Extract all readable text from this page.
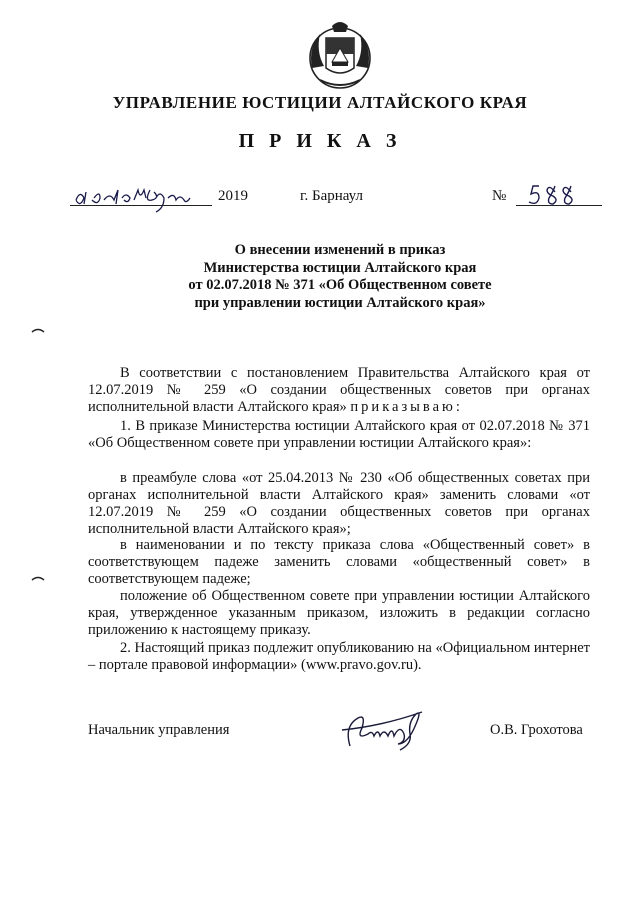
УПРАВЛЕНИЕ ЮСТИЦИИ АЛТАЙСКОГО КРАЯ
П Р И К А З
2019	г. Барнаул	№
О внесении изменений в приказ
Министерства юстиции Алтайского края
от 02.07.2018 № 371 «Об Общественном совете
при управлении юстиции Алтайского края»

В соответствии с постановлением Правительства Алтайского края от 12.07.2019 № 259 «О создании общественных советов при органах исполнительной власти Алтайского края» приказываю:

1. В приказе Министерства юстиции Алтайского края от 02.07.2018 № 371 «Об Общественном совете при управлении юстиции Алтайского края»:

в преамбуле слова «от 25.04.2013 № 230 «Об общественных советах при органах исполнительной власти Алтайского края» заменить словами «от 12.07.2019 № 259 «О создании общественных советов при органах исполнительной власти Алтайского края»;

в наименовании и по тексту приказа слова «Общественный совет» в соответствующем падеже заменить словами «общественный совет» в соответствующем падеже;

положение об Общественном совете при управлении юстиции Алтайского края, утвержденное указанным приказом, изложить в редакции согласно приложению к настоящему приказу.

2. Настоящий приказ подлежит опубликованию на «Официальном интернет – портале правовой информации» (www.pravo.gov.ru).

Начальник управления	О.В. Грохотова
